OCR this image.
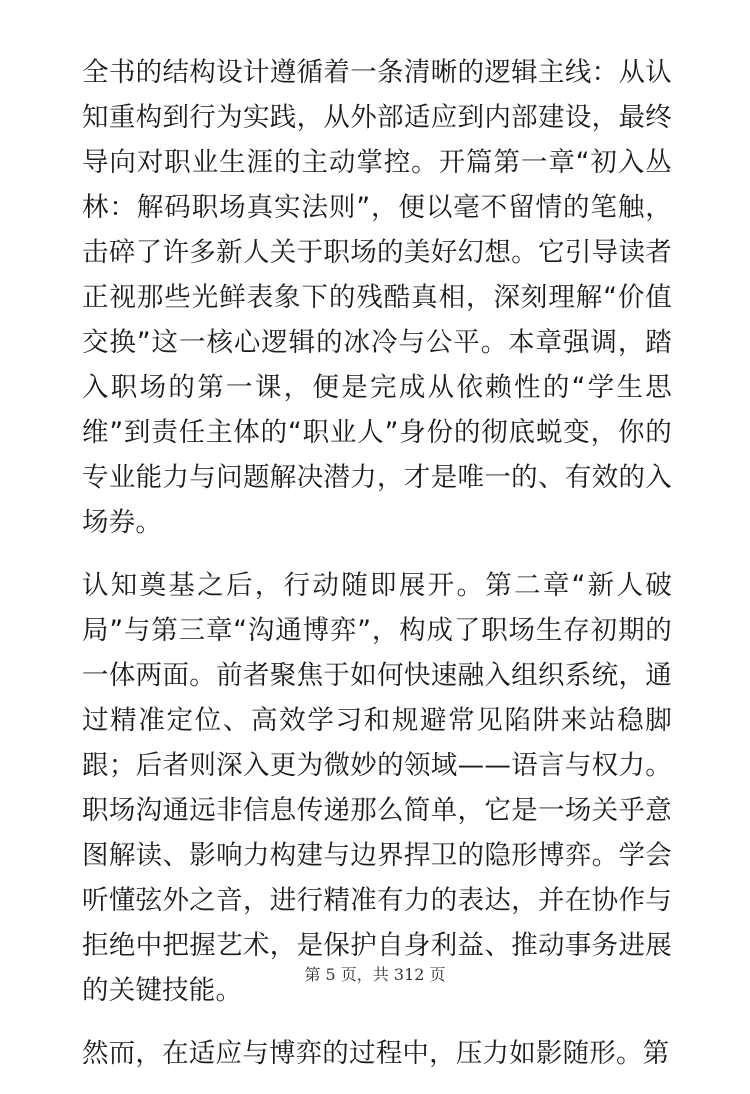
全书的结构设计遵循着一条清晰的逻辑主线：从认知重构到行为实践，从外部适应到内部建设，最终导向对职业生涯的主动掌控。开篇第一章“初入丛林：解码职场真实法则”，便以毫不留情的笔触，击碎了许多新人关于职场的美好幻想。它引导读者正视那些光鲜表象下的残酷真相，深刻理解“价值交换”这一核心逻辑的冰冷与公平。本章强调，踏入职场的第一课，便是完成从依赖性的“学生思维”到责任主体的“职业人”身份的彻底蜕变，你的专业能力与问题解决潜力，才是唯一的、有效的入场券。

认知奠基之后，行动随即展开。第二章“新人破局”与第三章“沟通博弈”，构成了职场生存初期的一体两面。前者聚焦于如何快速融入组织系统，通过精准定位、高效学习和规避常见陷阱来站稳脚跟；后者则深入更为微妙的领域——语言与权力。职场沟通远非信息传递那么简单，它是一场关乎意图解读、影响力构建与边界捍卫的隐形博弈。学会听懂弦外之音，进行精准有力的表达，并在协作与拒绝中把握艺术，是保护自身利益、推动事务进展的关键技能。

然而，在适应与博弈的过程中，压力如影随形。第

第 5 页，共 312 页
